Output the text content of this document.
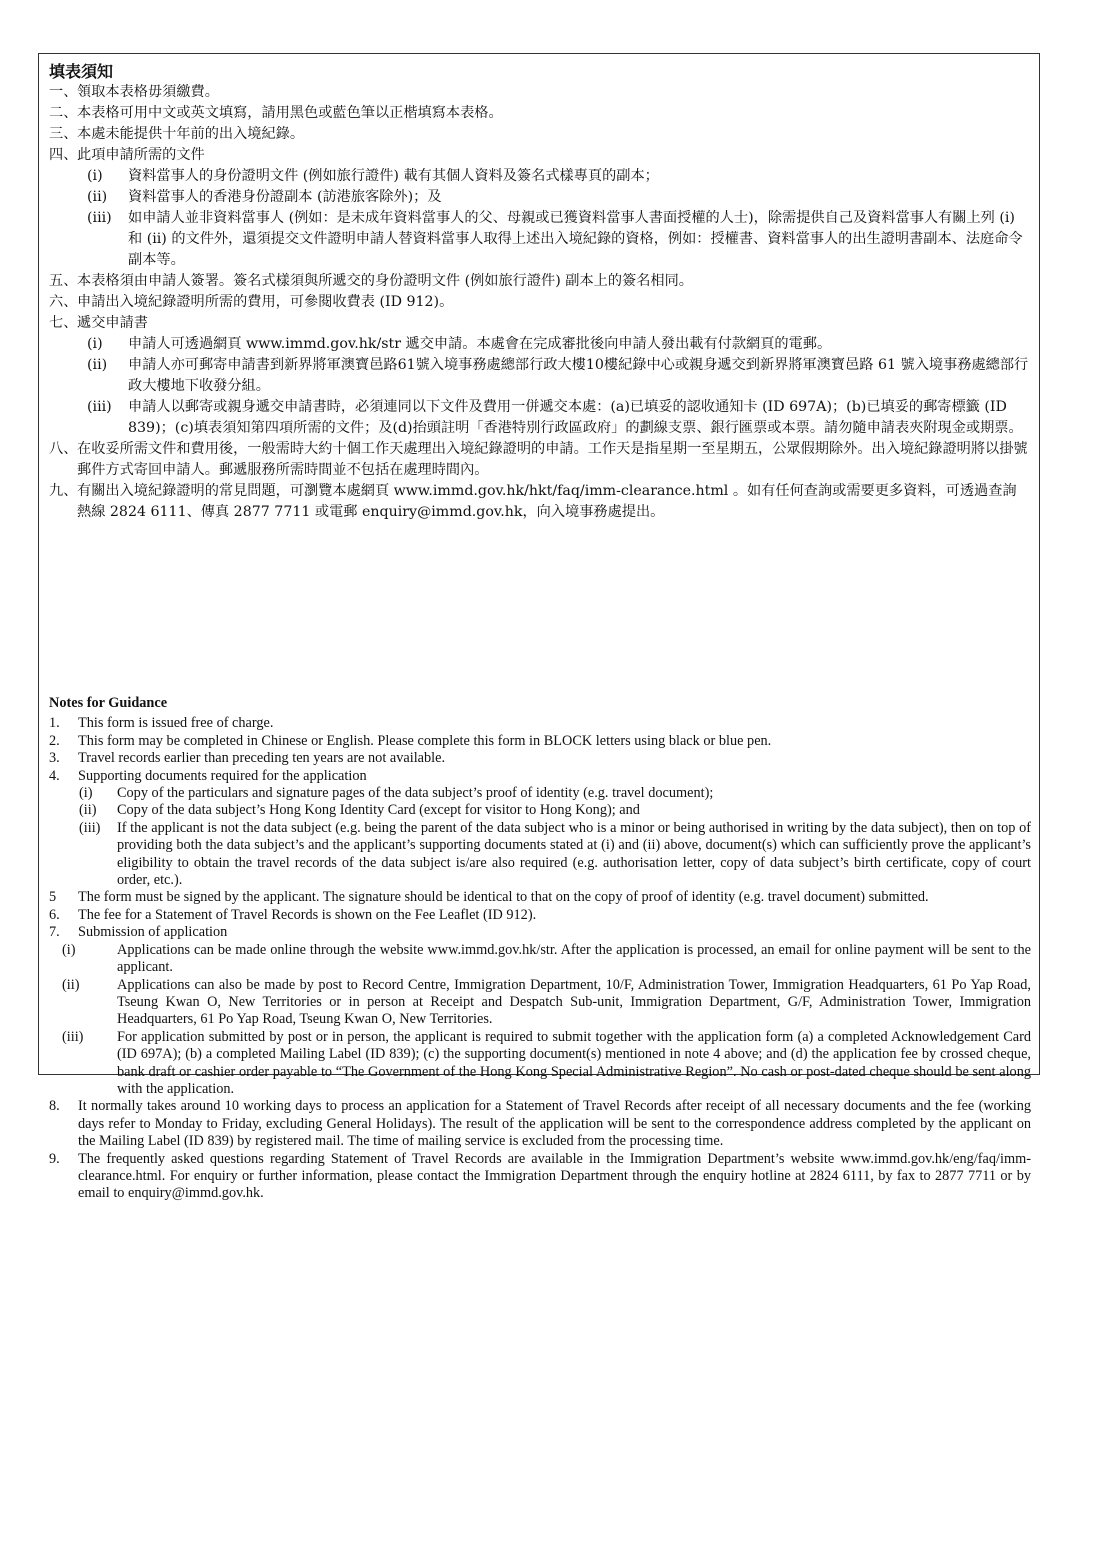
填表須知
一、 領取本表格毋須繳費。
二、 本表格可用中文或英文填寫，請用黑色或藍色筆以正楷填寫本表格。
三、 本處未能提供十年前的出入境紀錄。
四、 此項申請所需的文件
(i) 資料當事人的身份證明文件 (例如旅行證件) 載有其個人資料及簽名式樣專頁的副本；
(ii) 資料當事人的香港身份證副本 (訪港旅客除外)；及
(iii) 如申請人並非資料當事人 (例如：是未成年資料當事人的父、母親或已獲資料當事人書面授權的人士)，除需提供自己及資料當事人有關上列 (i) 和 (ii) 的文件外，還須提交文件證明申請人替資料當事人取得上述出入境紀錄的資格，例如：授權書、資料當事人的出生證明書副本、法庭命令副本等。
五、 本表格須由申請人簽署。簽名式樣須與所遞交的身份證明文件 (例如旅行證件) 副本上的簽名相同。
六、 申請出入境紀錄證明所需的費用，可參閱收費表 (ID 912)。
七、 遞交申請書
(i) 申請人可透過網頁 www.immd.gov.hk/str 遞交申請。本處會在完成審批後向申請人發出載有付款網頁的電郵。
(ii) 申請人亦可郵寄申請書到新界將軍澳寶邑路61號入境事務處總部行政大樓10樓紀錄中心或親身遞交到新界將軍澳寶邑路 61 號入境事務處總部行政大樓地下收發分組。
(iii) 申請人以郵寄或親身遞交申請書時，必須連同以下文件及費用一併遞交本處：(a)已填妥的認收通知卡 (ID 697A)；(b)已填妥的郵寄標籤 (ID 839)；(c)填表須知第四項所需的文件；及(d)抬頭註明「香港特別行政區政府」的劃線支票、銀行匯票或本票。請勿隨申請表夾附現金或期票。
八、 在收妥所需文件和費用後，一般需時大約十個工作天處理出入境紀錄證明的申請。工作天是指星期一至星期五，公眾假期除外。出入境紀錄證明將以掛號郵件方式寄回申請人。郵遞服務所需時間並不包括在處理時間內。
九、 有關出入境紀錄證明的常見問題，可瀏覽本處網頁 www.immd.gov.hk/hkt/faq/imm-clearance.html 。如有任何查詢或需要更多資料，可透過查詢熱線 2824 6111、傳真 2877 7711 或電郵 enquiry@immd.gov.hk，向入境事務處提出。
Notes for Guidance
1. This form is issued free of charge.
2. This form may be completed in Chinese or English. Please complete this form in BLOCK letters using black or blue pen.
3. Travel records earlier than preceding ten years are not available.
4. Supporting documents required for the application
(i) Copy of the particulars and signature pages of the data subject’s proof of identity (e.g. travel document);
(ii) Copy of the data subject’s Hong Kong Identity Card (except for visitor to Hong Kong); and
(iii) If the applicant is not the data subject (e.g. being the parent of the data subject who is a minor or being authorised in writing by the data subject), then on top of providing both the data subject’s and the applicant’s supporting documents stated at (i) and (ii) above, document(s) which can sufficiently prove the applicant’s eligibility to obtain the travel records of the data subject is/are also required (e.g. authorisation letter, copy of data subject’s birth certificate, copy of court order, etc.).
5 The form must be signed by the applicant. The signature should be identical to that on the copy of proof of identity (e.g. travel document) submitted.
6. The fee for a Statement of Travel Records is shown on the Fee Leaflet (ID 912).
7. Submission of application
(i)	Applications can be made online through the website www.immd.gov.hk/str. After the application is processed, an email for online payment will be sent to the applicant.
(ii)	Applications can also be made by post to Record Centre, Immigration Department, 10/F, Administration Tower, Immigration Headquarters, 61 Po Yap Road, Tseung Kwan O, New Territories or in person at Receipt and Despatch Sub-unit, Immigration Department, G/F, Administration Tower, Immigration Headquarters, 61 Po Yap Road, Tseung Kwan O, New Territories.
(iii) For application submitted by post or in person, the applicant is required to submit together with the application form (a) a completed Acknowledgement Card (ID 697A); (b) a completed Mailing Label (ID 839); (c) the supporting document(s) mentioned in note 4 above; and (d) the application fee by crossed cheque, bank draft or cashier order payable to “The Government of the Hong Kong Special Administrative Region”. No cash or post-dated cheque should be sent along with the application.
8. It normally takes around 10 working days to process an application for a Statement of Travel Records after receipt of all necessary documents and the fee (working days refer to Monday to Friday, excluding General Holidays). The result of the application will be sent to the correspondence address completed by the applicant on the Mailing Label (ID 839) by registered mail. The time of mailing service is excluded from the processing time.
9. The frequently asked questions regarding Statement of Travel Records are available in the Immigration Department’s website www.immd.gov.hk/eng/faq/imm-clearance.html. For enquiry or further information, please contact the Immigration Department through the enquiry hotline at 2824 6111, by fax to 2877 7711 or by email to enquiry@immd.gov.hk.
